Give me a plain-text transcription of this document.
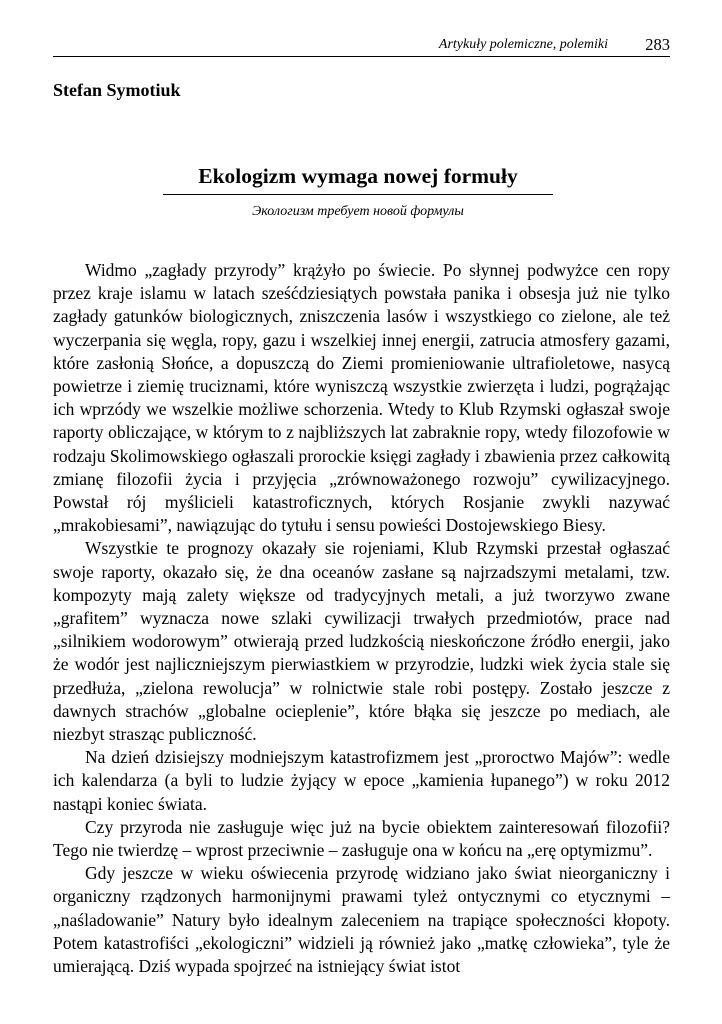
Artykuły polemiczne, polemiki 283
Stefan Symotiuk
Ekologizm wymaga nowej formuły
Экологизм требует новой формулы

Widmo „zagłady przyrody” krążyło po świecie. Po słynnej podwyżce cen ropy przez kraje islamu w latach sześćdziesiątych powstała panika i obsesja już nie tylko zagłady gatunków biologicznych, zniszczenia lasów i wszystkiego co zielone, ale też wyczerpania się węgla, ropy, gazu i wszelkiej innej energii, zatrucia atmosfery gazami, które zasłonią Słońce, a dopuszczą do Ziemi promieniowanie ultrafioletowe, nasycą powietrze i ziemię truciznami, które wyniszczą wszystkie zwierzęta i ludzi, pogrążając ich wprzódy we wszelkie możliwe schorzenia. Wtedy to Klub Rzymski ogłaszał swoje raporty obliczające, w którym to z najbliższych lat zabraknie ropy, wtedy filozofowie w rodzaju Skolimowskiego ogłaszali prorockie księgi zagłady i zbawienia przez całkowitą zmianę filozofii życia i przyjęcia „zrównoważonego rozwoju” cywilizacyjnego. Powstał rój myślicieli katastroficznych, których Rosjanie zwykli nazywać „mrakobiesami”, nawiązując do tytułu i sensu powieści Dostojewskiego Biesy.

Wszystkie te prognozy okazały sie rojeniami, Klub Rzymski przestał ogłaszać swoje raporty, okazało się, że dna oceanów zasłane są najrzadszymi metalami, tzw. kompozyty mają zalety większe od tradycyjnych metali, a już tworzywo zwane „grafitem” wyznacza nowe szlaki cywilizacji trwałych przedmiotów, prace nad „silnikiem wodorowym” otwierają przed ludzkością nieskończone źródło energii, jako że wodór jest najliczniejszym pierwiastkiem w przyrodzie, ludzki wiek życia stale się przedłuża, „zielona rewolucja” w rolnictwie stale robi postępy. Zostało jeszcze z dawnych strachów „globalne ocieplenie”, które błąka się jeszcze po mediach, ale niezbyt strasząc publiczność.

Na dzień dzisiejszy modniejszym katastrofizmem jest „proroctwo Majów”: wedle ich kalendarza (a byli to ludzie żyjący w epoce „kamienia łupanego”) w roku 2012 nastąpi koniec świata.

Czy przyroda nie zasługuje więc już na bycie obiektem zainteresowań filozofii? Tego nie twierdzę – wprost przeciwnie – zasługuje ona w końcu na „erę optymizmu”.

Gdy jeszcze w wieku oświecenia przyrodę widziano jako świat nieorganiczny i organiczny rządzonych harmonijnymi prawami tyleż ontycznymi co etycznymi – „naśladowanie” Natury było idealnym zaleceniem na trapiące społeczności kłopoty. Potem katastrofiści „ekologiczni” widzieli ją również jako „matkę człowieka”, tyle że umierającą. Dziś wypada spojrzeć na istniejący świat istot
